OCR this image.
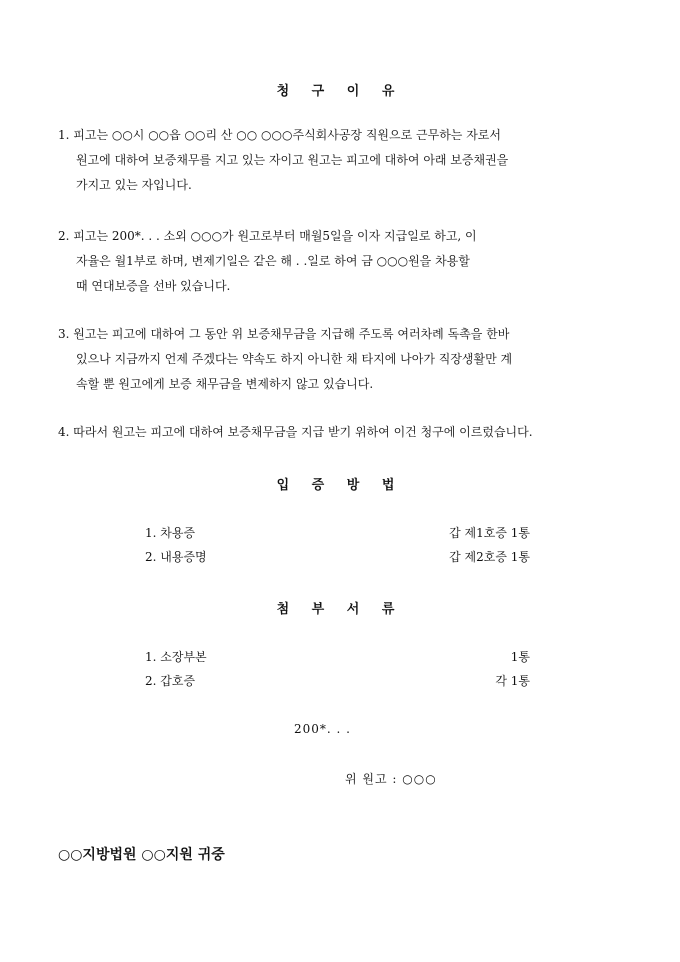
청 구 이 유
1. 피고는 ○○시 ○○읍 ○○리 산 ○○ ○○○주식회사공장 직원으로 근무하는 자로서
원고에 대하여 보증채무를 지고 있는 자이고 원고는 피고에 대하여 아래 보증채권을
가지고 있는 자입니다.
2. 피고는 200*. . . 소외 ○○○가 원고로부터 매월5일을 이자 지급일로 하고, 이
자율은 월1부로 하며, 변제기일은 같은 해 . .일로 하여 금 ○○○원을 차용할
때 연대보증을 선바 있습니다.
3. 원고는 피고에 대하여 그 동안 위 보증채무금을 지급해 주도록 여러차례 독촉을 한바
있으나 지금까지 언제 주겠다는 약속도 하지 아니한 채 타지에 나아가 직장생활만 계
속할 뿐 원고에게 보증 채무금을 변제하지 않고 있습니다.
4. 따라서 원고는 피고에 대하여 보증채무금을 지급 받기 위하여 이건 청구에 이르렀습니다.
입 증 방 법
1. 차용증	갑 제1호증 1통
2. 내용증명	갑 제2호증 1통
첨 부 서 류
1. 소장부본	1통
2. 갑호증	각 1통
200*. . .
위 원고 : ○○○
○○지방법원 ○○지원 귀중
